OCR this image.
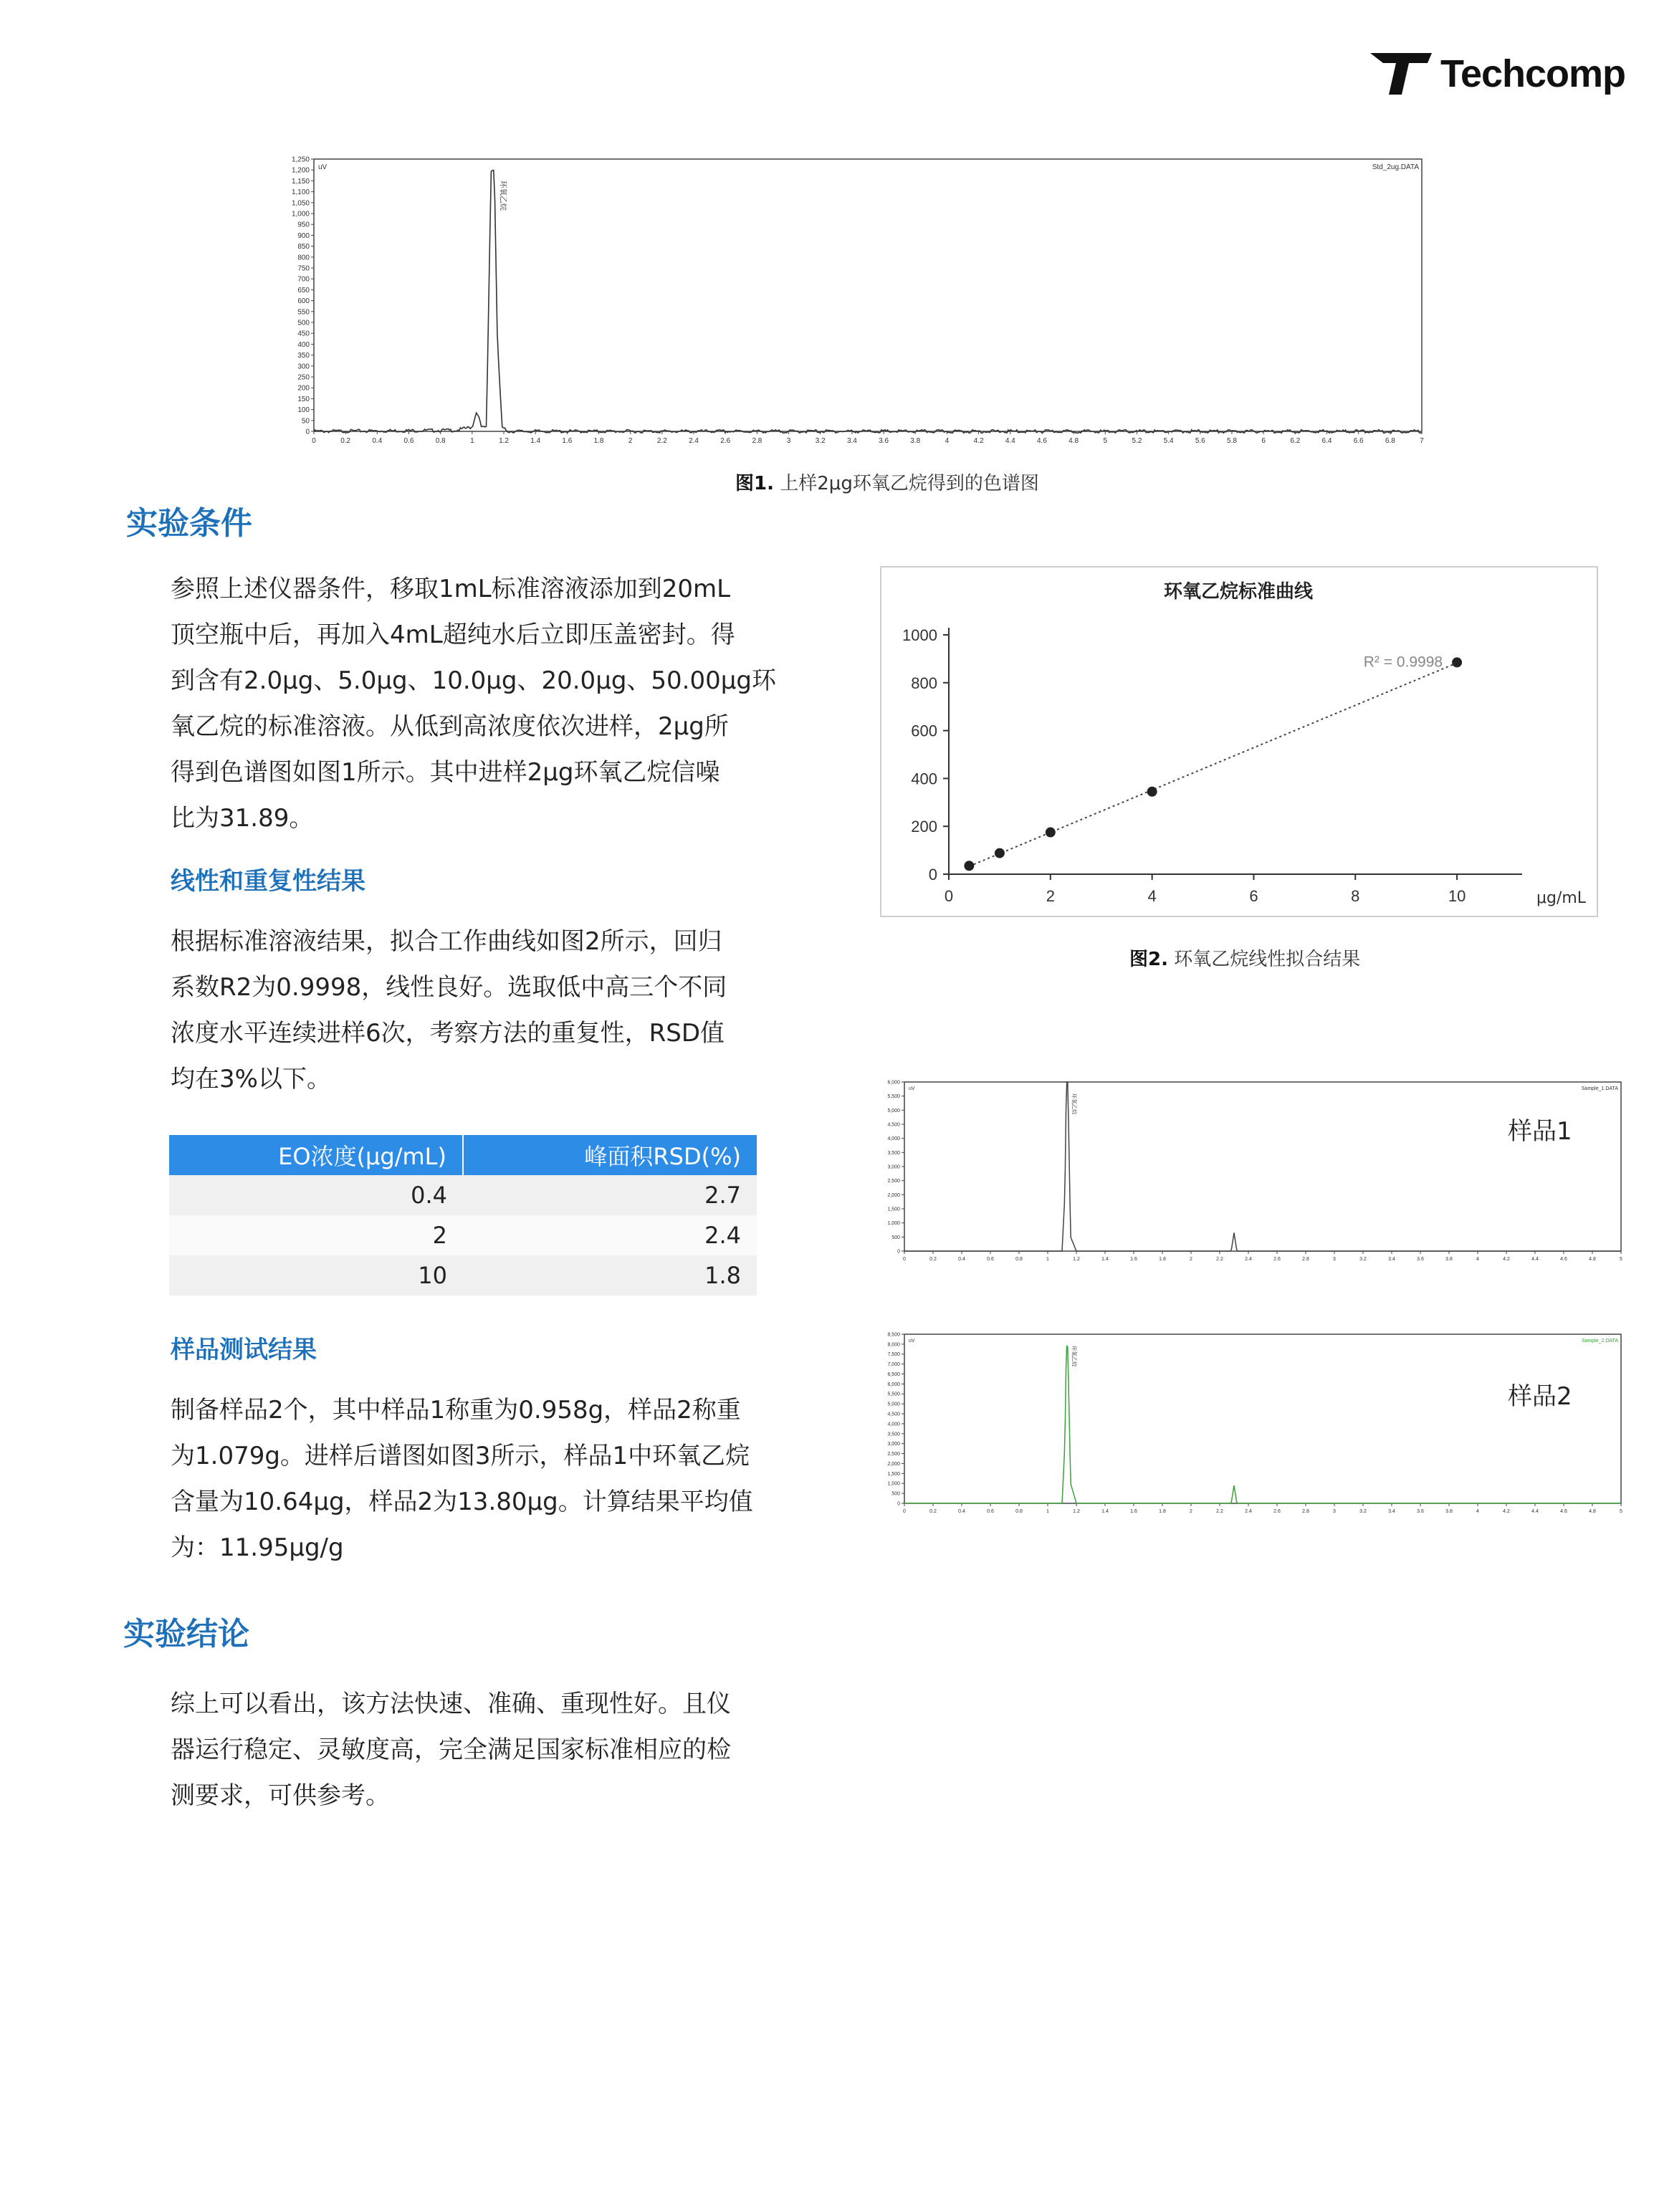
Techcomp
0
50
100
150
200
250
300
350
400
450
500
550
600
650
700
750
800
850
900
950
1,000
1,050
1,100
1,150
1,200
1,250
0	0.2	0.4	0.6	0.8	1	1.2	1.4	1.6	1.8	2	2.2	2.4	2.6	2.8	3	3.2	3.4	3.6	3.8	4	4.2	4.4	4.6	4.8	5	5.2	5.4	5.6	5.8	6	6.2	6.4	6.6	6.8	7
uV	Std_2ug.DATA
环氧乙烷
图1. 上样2μg环氧乙烷得到的色谱图
实验条件
参照上述仪器条件，移取1mL标准溶液添加到20mL
顶空瓶中后，再加入4mL超纯水后立即压盖密封。得
到含有2.0μg、5.0μg、10.0μg、20.0μg、50.00μg环
氧乙烷的标准溶液。从低到高浓度依次进样，2μg所
得到色谱图如图1所示。其中进样2μg环氧乙烷信噪
比为31.89。
线性和重复性结果
根据标准溶液结果，拟合工作曲线如图2所示，回归
系数R2为0.9998，线性良好。选取低中高三个不同
浓度水平连续进样6次，考察方法的重复性，RSD值
均在3%以下。
EO浓度(μg/mL)	峰面积RSD(%)
0.4	2.7
2	2.4
10	1.8
样品测试结果
制备样品2个，其中样品1称重为0.958g，样品2称重
为1.079g。进样后谱图如图3所示，样品1中环氧乙烷
含量为10.64μg，样品2为13.80μg。计算结果平均值
为：11.95μg/g
实验结论
综上可以看出，该方法快速、准确、重现性好。且仪
器运行稳定、灵敏度高，完全满足国家标准相应的检
测要求，可供参考。
环氧乙烷标准曲线
0
200
400
600
800
1000
0	2	4	6	8	10	μg/mL
R² = 0.9998
图2. 环氧乙烷线性拟合结果
0
500
1,000
1,500
2,000
2,500
3,000
3,500
4,000
4,500
5,000
5,500
6,000
0	0.2	0.4	0.6	0.8	1	1.2	1.4	1.6	1.8	2	2.2	2.4	2.6	2.8	3	3.2	3.4	3.6	3.8	4	4.2	4.4	4.6	4.8	5
uV	Sample_1.DATA
环氧乙烷
样品1
0
500
1,000
1,500
2,000
2,500
3,000
3,500
4,000
4,500
5,000
5,500
6,000
6,500
7,000
7,500
8,000
8,500
0	0.2	0.4	0.6	0.8	1	1.2	1.4	1.6	1.8	2	2.2	2.4	2.6	2.8	3	3.2	3.4	3.6	3.8	4	4.2	4.4	4.6	4.8	5
uV	Sample_2.DATA
环氧乙烷
样品2
